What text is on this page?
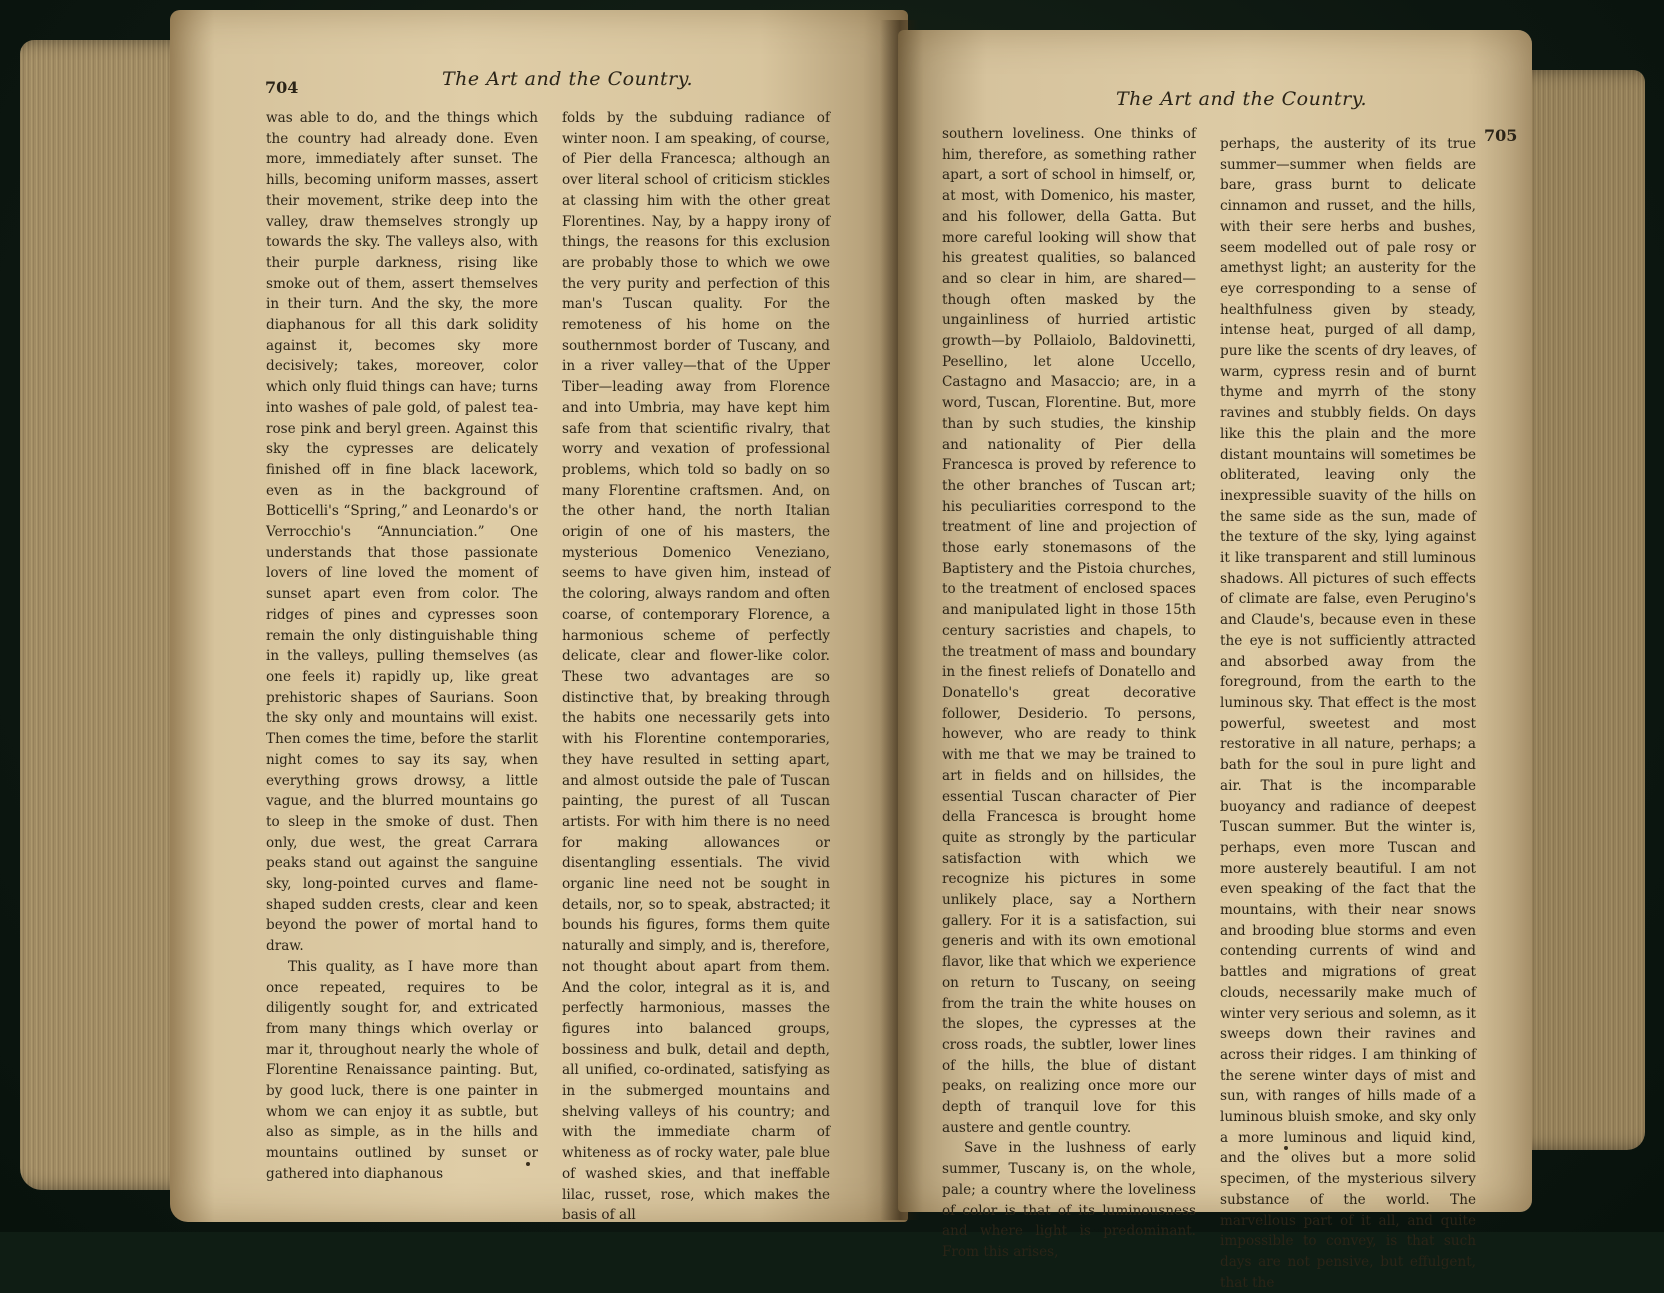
704	The Art and the Country.

was able to do, and the things which the country had already done. Even more, immediately after sunset. The hills, becoming uniform masses, assert their movement, strike deep into the valley, draw themselves strongly up towards the sky. The valleys also, with their purple darkness, rising like smoke out of them, assert themselves in their turn. And the sky, the more diaphanous for all this dark solidity against it, becomes sky more decisively; takes, moreover, color which only fluid things can have; turns into washes of pale gold, of palest tea-rose pink and beryl green. Against this sky the cypresses are delicately finished off in fine black lacework, even as in the background of Botticelli's “Spring,” and Leonardo's or Verrocchio's “Annunciation.” One understands that those passionate lovers of line loved the moment of sunset apart even from color. The ridges of pines and cypresses soon remain the only distinguishable thing in the valleys, pulling themselves (as one feels it) rapidly up, like great prehistoric shapes of Saurians. Soon the sky only and mountains will exist. Then comes the time, before the starlit night comes to say its say, when everything grows drowsy, a little vague, and the blurred mountains go to sleep in the smoke of dust. Then only, due west, the great Carrara peaks stand out against the sanguine sky, long-pointed curves and flame-shaped sudden crests, clear and keen beyond the power of mortal hand to draw.

This quality, as I have more than once repeated, requires to be diligently sought for, and extricated from many things which overlay or mar it, throughout nearly the whole of Florentine Renaissance painting. But, by good luck, there is one painter in whom we can enjoy it as subtle, but also as simple, as in the hills and mountains outlined by sunset or gathered into diaphanous

folds by the subduing radiance of winter noon. I am speaking, of course, of Pier della Francesca; although an over literal school of criticism stickles at classing him with the other great Florentines. Nay, by a happy irony of things, the reasons for this exclusion are probably those to which we owe the very purity and perfection of this man's Tuscan quality. For the remoteness of his home on the southernmost border of Tuscany, and in a river valley—that of the Upper Tiber—leading away from Florence and into Umbria, may have kept him safe from that scientific rivalry, that worry and vexation of professional problems, which told so badly on so many Florentine craftsmen. And, on the other hand, the north Italian origin of one of his masters, the mysterious Domenico Veneziano, seems to have given him, instead of the coloring, always random and often coarse, of contemporary Florence, a harmonious scheme of perfectly delicate, clear and flower-like color. These two advantages are so distinctive that, by breaking through the habits one necessarily gets into with his Florentine contemporaries, they have resulted in setting apart, and almost outside the pale of Tuscan painting, the purest of all Tuscan artists. For with him there is no need for making allowances or disentangling essentials. The vivid organic line need not be sought in details, nor, so to speak, abstracted; it bounds his figures, forms them quite naturally and simply, and is, therefore, not thought about apart from them. And the color, integral as it is, and perfectly harmonious, masses the figures into balanced groups, bossiness and bulk, detail and depth, all unified, co-ordinated, satisfying as in the submerged mountains and shelving valleys of his country; and with the immediate charm of whiteness as of rocky water, pale blue of washed skies, and that ineffable lilac, russet, rose, which makes the basis of all

The Art and the Country.
705

southern loveliness. One thinks of him, therefore, as something rather apart, a sort of school in himself, or, at most, with Domenico, his master, and his follower, della Gatta. But more careful looking will show that his greatest qualities, so balanced and so clear in him, are shared—though often masked by the ungainliness of hurried artistic growth—by Pollaiolo, Baldovinetti, Pesellino, let alone Uccello, Castagno and Masaccio; are, in a word, Tuscan, Florentine. But, more than by such studies, the kinship and nationality of Pier della Francesca is proved by reference to the other branches of Tuscan art; his peculiarities correspond to the treatment of line and projection of those early stonemasons of the Baptistery and the Pistoia churches, to the treatment of enclosed spaces and manipulated light in those 15th century sacristies and chapels, to the treatment of mass and boundary in the finest reliefs of Donatello and Donatello's great decorative follower, Desiderio. To persons, however, who are ready to think with me that we may be trained to art in fields and on hillsides, the essential Tuscan character of Pier della Francesca is brought home quite as strongly by the particular satisfaction with which we recognize his pictures in some unlikely place, say a Northern gallery. For it is a satisfaction, sui generis and with its own emotional flavor, like that which we experience on return to Tuscany, on seeing from the train the white houses on the slopes, the cypresses at the cross roads, the subtler, lower lines of the hills, the blue of distant peaks, on realizing once more our depth of tranquil love for this austere and gentle country.

Save in the lushness of early summer, Tuscany is, on the whole, pale; a country where the loveliness of color is that of its luminousness and where light is predominant. From this arises,

perhaps, the austerity of its true summer—summer when fields are bare, grass burnt to delicate cinnamon and russet, and the hills, with their sere herbs and bushes, seem modelled out of pale rosy or amethyst light; an austerity for the eye corresponding to a sense of healthfulness given by steady, intense heat, purged of all damp, pure like the scents of dry leaves, of warm, cypress resin and of burnt thyme and myrrh of the stony ravines and stubbly fields. On days like this the plain and the more distant mountains will sometimes be obliterated, leaving only the inexpressible suavity of the hills on the same side as the sun, made of the texture of the sky, lying against it like transparent and still luminous shadows. All pictures of such effects of climate are false, even Perugino's and Claude's, because even in these the eye is not sufficiently attracted and absorbed away from the foreground, from the earth to the luminous sky. That effect is the most powerful, sweetest and most restorative in all nature, perhaps; a bath for the soul in pure light and air. That is the incomparable buoyancy and radiance of deepest Tuscan summer. But the winter is, perhaps, even more Tuscan and more austerely beautiful. I am not even speaking of the fact that the mountains, with their near snows and brooding blue storms and even contending currents of wind and battles and migrations of great clouds, necessarily make much of winter very serious and solemn, as it sweeps down their ravines and across their ridges. I am thinking of the serene winter days of mist and sun, with ranges of hills made of a luminous bluish smoke, and sky only a more luminous and liquid kind, and the olives but a more solid specimen, of the mysterious silvery substance of the world. The marvellous part of it all, and quite impossible to convey, is that such days are not pensive, but effulgent, that the
